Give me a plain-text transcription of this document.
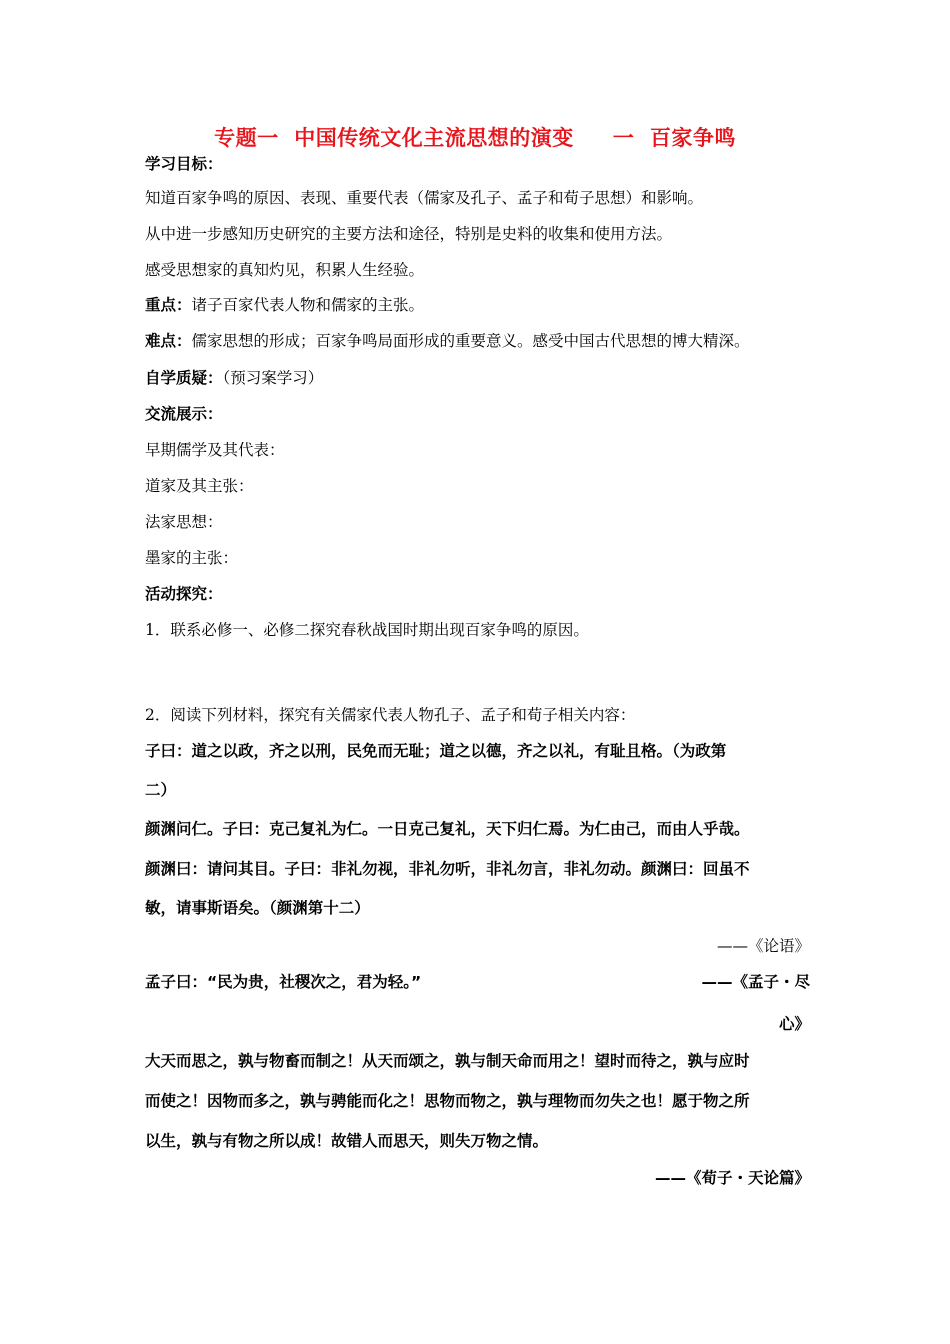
专题一  中国传统文化主流思想的演变     一  百家争鸣
学习目标：
知道百家争鸣的原因、表现、重要代表（儒家及孔子、孟子和荀子思想）和影响。
从中进一步感知历史研究的主要方法和途径，特别是史料的收集和使用方法。
感受思想家的真知灼见，积累人生经验。
重点：诸子百家代表人物和儒家的主张。
难点：儒家思想的形成；百家争鸣局面形成的重要意义。感受中国古代思想的博大精深。
自学质疑：（预习案学习）
交流展示：
早期儒学及其代表：
道家及其主张：
法家思想：
墨家的主张：
活动探究：
1．联系必修一、必修二探究春秋战国时期出现百家争鸣的原因。
2．阅读下列材料，探究有关儒家代表人物孔子、孟子和荀子相关内容：
子曰：道之以政，齐之以刑，民免而无耻；道之以德，齐之以礼，有耻且格。（为政第
二）
颜渊问仁。子曰：克己复礼为仁。一日克己复礼，天下归仁焉。为仁由己，而由人乎哉。
颜渊曰：请问其目。子曰：非礼勿视，非礼勿听，非礼勿言，非礼勿动。颜渊曰：回虽不
敏，请事斯语矣。（颜渊第十二）
——《论语》
孟子曰：“民为贵，社稷次之，君为轻。”	——《孟子・尽
心》
大天而思之，孰与物畜而制之！从天而颂之，孰与制天命而用之！望时而待之，孰与应时
而使之！因物而多之，孰与骋能而化之！思物而物之，孰与理物而勿失之也！愿于物之所
以生，孰与有物之所以成！故错人而思天，则失万物之情。
——《荀子・天论篇》
